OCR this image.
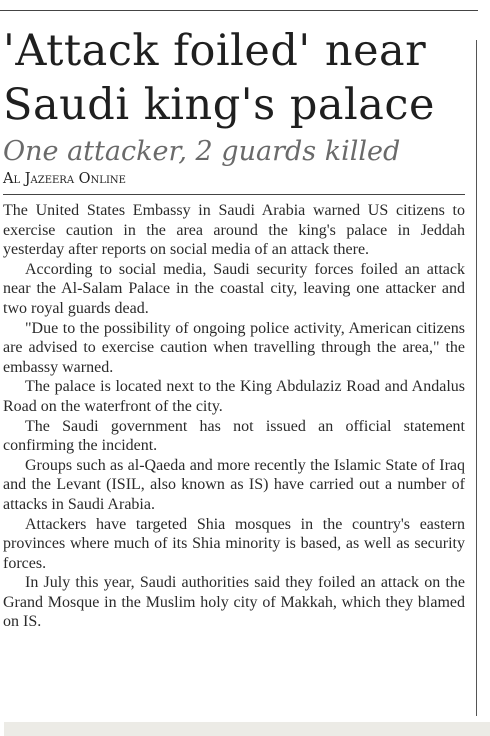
'Attack foiled' near Saudi king's palace
One attacker, 2 guards killed
Al Jazeera Online

The United States Embassy in Saudi Arabia warned US citizens to exercise caution in the area around the king's palace in Jeddah yesterday after reports on social media of an attack there.

According to social media, Saudi security forces foiled an attack near the Al-Salam Palace in the coastal city, leaving one attacker and two royal guards dead.

"Due to the possibility of ongoing police activity, American citizens are advised to exercise caution when travelling through the area," the embassy warned.

The palace is located next to the King Abdulaziz Road and Andalus Road on the waterfront of the city.

The Saudi government has not issued an official statement confirming the incident.

Groups such as al-Qaeda and more recently the Islamic State of Iraq and the Levant (ISIL, also known as IS) have carried out a number of attacks in Saudi Arabia.

Attackers have targeted Shia mosques in the country's eastern provinces where much of its Shia minority is based, as well as security forces.

In July this year, Saudi authorities said they foiled an attack on the Grand Mosque in the Muslim holy city of Makkah, which they blamed on IS.
